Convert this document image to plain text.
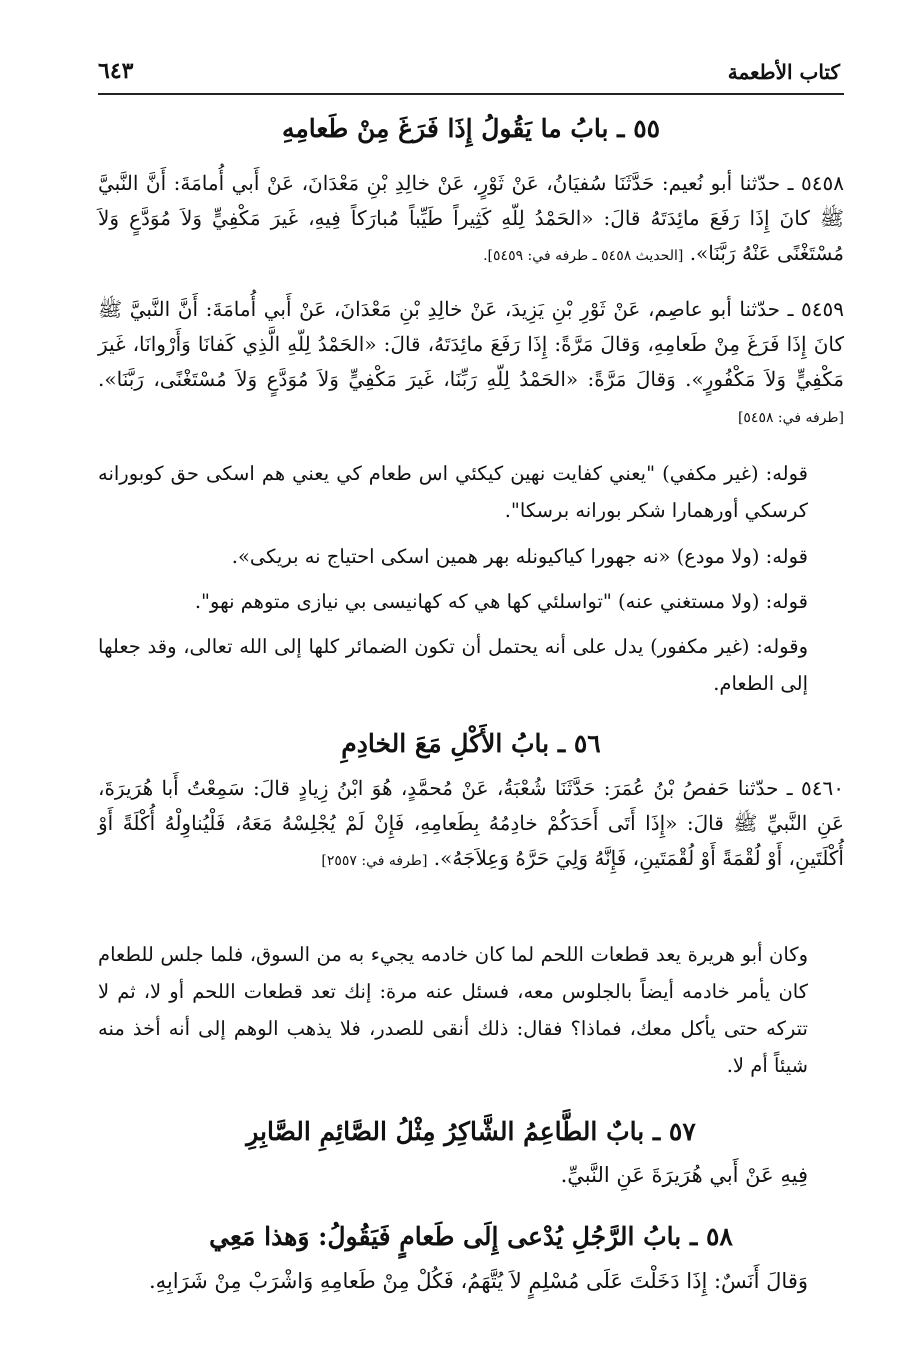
٦٤٣	كتاب الأطعمة
٥٥ ـ بابُ ما يَقُولُ إِذَا فَرَغَ مِنْ طَعامِهِ
٥٤٥٨ ـ حدّثنا أبو نُعيم: حَدَّثَنَا سُفيَانُ، عَنْ ثَوْرٍ، عَنْ خالِدِ بْنِ مَعْدَانَ، عَنْ أَبي أُمامَةَ: أَنَّ النَّبيَّ ﷺ كانَ إِذَا رَفَعَ مائِدَتَهُ قالَ: «الحَمْدُ لِلّهِ كَثِيراً طَيِّباً مُبارَكاً فِيهِ، غَيرَ مَكْفِيٍّ وَلاَ مُوَدَّعٍ وَلاَ مُسْتَغْنًى عَنْهُ رَبَّنَا». [الحديث ٥٤٥٨ ـ طرفه في: ٥٤٥٩].
٥٤٥٩ ـ حدّثنا أبو عاصِم، عَنْ ثَوْرِ بْنِ يَزِيدَ، عَنْ خالِدِ بْنِ مَعْدَانَ، عَنْ أَبي أُمامَةَ: أَنَّ النَّبيَّ ﷺ كانَ إِذَا فَرَغَ مِنْ طَعامِهِ، وَقالَ مَرَّةً: إِذَا رَفَعَ مائِدَتَهُ، قالَ: «الحَمْدُ لِلّهِ الَّذِي كَفانَا وَأَرْوانَا، غَيرَ مَكْفِيٍّ وَلاَ مَكْفُورٍ». وَقالَ مَرَّةً: «الحَمْدُ لِلّهِ رَبِّنَا، غَيرَ مَكْفِيٍّ وَلاَ مُوَدَّعٍ وَلاَ مُسْتَغْنًى، رَبَّنَا». [طرفه في: ٥٤٥٨]
قوله: (غير مكفي) "يعني كفايت نهين كيكئي اس طعام كي يعني هم اسكى حق كوبورانه كرسكي أورهمارا شكر بورانه برسكا".
قوله: (ولا مودع) «نه جهورا كياكيونله بهر همين اسكى احتياج نه بريكى».
قوله: (ولا مستغني عنه) "تواسلئي كها هي كه كهانيسى بي نيازى متوهم نهو".
وقوله: (غير مكفور) يدل على أنه يحتمل أن تكون الضمائر كلها إلى الله تعالى، وقد جعلها إلى الطعام.
٥٦ ـ بابُ الأَكْلِ مَعَ الخادِمِ
٥٤٦٠ ـ حدّثنا حَفصُ بْنُ عُمَرَ: حَدَّثَنَا شُعْبَةُ، عَنْ مُحمَّدٍ، هُوَ ابْنُ زِيادٍ قالَ: سَمِعْتُ أَبا هُرَيرَةَ، عَنِ النَّبيِّ ﷺ قالَ: «إِذَا أَتَى أَحَدَكُمْ خادِمُهُ بِطَعامِهِ، فَإِنْ لَمْ يُجْلِسْهُ مَعَهُ، فَلْيُناوِلْهُ أُكْلَةً أَوْ أُكْلَتَينِ، أَوْ لُقْمَةً أَوْ لُقْمَتَينِ، فَإِنَّهُ وَلِيَ حَرَّهُ وَعِلاَجَهُ». [طرفه في: ٢٥٥٧]
وكان أبو هريرة يعد قطعات اللحم لما كان خادمه يجيء به من السوق، فلما جلس للطعام كان يأمر خادمه أيضاً بالجلوس معه، فسئل عنه مرة: إنك تعد قطعات اللحم أو لا، ثم لا تتركه حتى يأكل معك، فماذا؟ فقال: ذلك أنقى للصدر، فلا يذهب الوهم إلى أنه أخذ منه شيئاً أم لا.
٥٧ ـ بابٌ الطَّاعِمُ الشَّاكِرُ مِثْلُ الصَّائِمِ الصَّابِرِ
فِيهِ عَنْ أَبي هُرَيرَةَ عَنِ النَّبيِّ.
٥٨ ـ بابُ الرَّجُلِ يُدْعى إِلَى طَعامٍ فَيَقُولُ: وَهذا مَعِي
وَقالَ أَنَسٌ: إِذَا دَخَلْتَ عَلَى مُسْلِمٍ لاَ يُتَّهَمُ، فَكُلْ مِنْ طَعامِهِ وَاشْرَبْ مِنْ شَرَابِهِ.
